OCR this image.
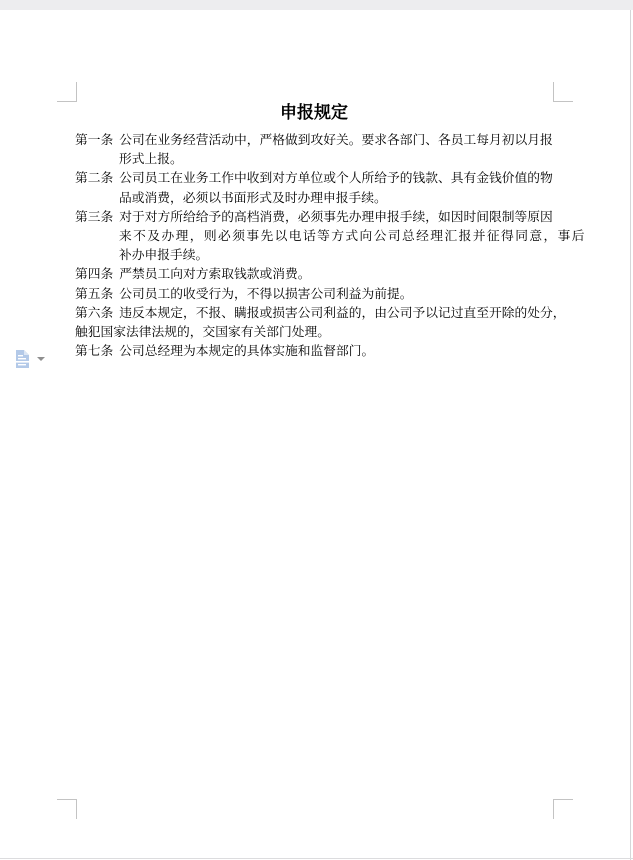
申报规定
第一条 公司在业务经营活动中，严格做到攻好关。要求各部门、各员工每月初以月报
形式上报。
第二条 公司员工在业务工作中收到对方单位或个人所给予的钱款、具有金钱价值的物
品或消费，必须以书面形式及时办理申报手续。
第三条 对于对方所给给予的高档消费，必须事先办理申报手续，如因时间限制等原因
来不及办理，则必须事先以电话等方式向公司总经理汇报并征得同意，事后
补办申报手续。
第四条 严禁员工向对方索取钱款或消费。
第五条 公司员工的收受行为，不得以损害公司利益为前提。
第六条 违反本规定，不报、瞒报或损害公司利益的，由公司予以记过直至开除的处分，
触犯国家法律法规的，交国家有关部门处理。
第七条 公司总经理为本规定的具体实施和监督部门。
